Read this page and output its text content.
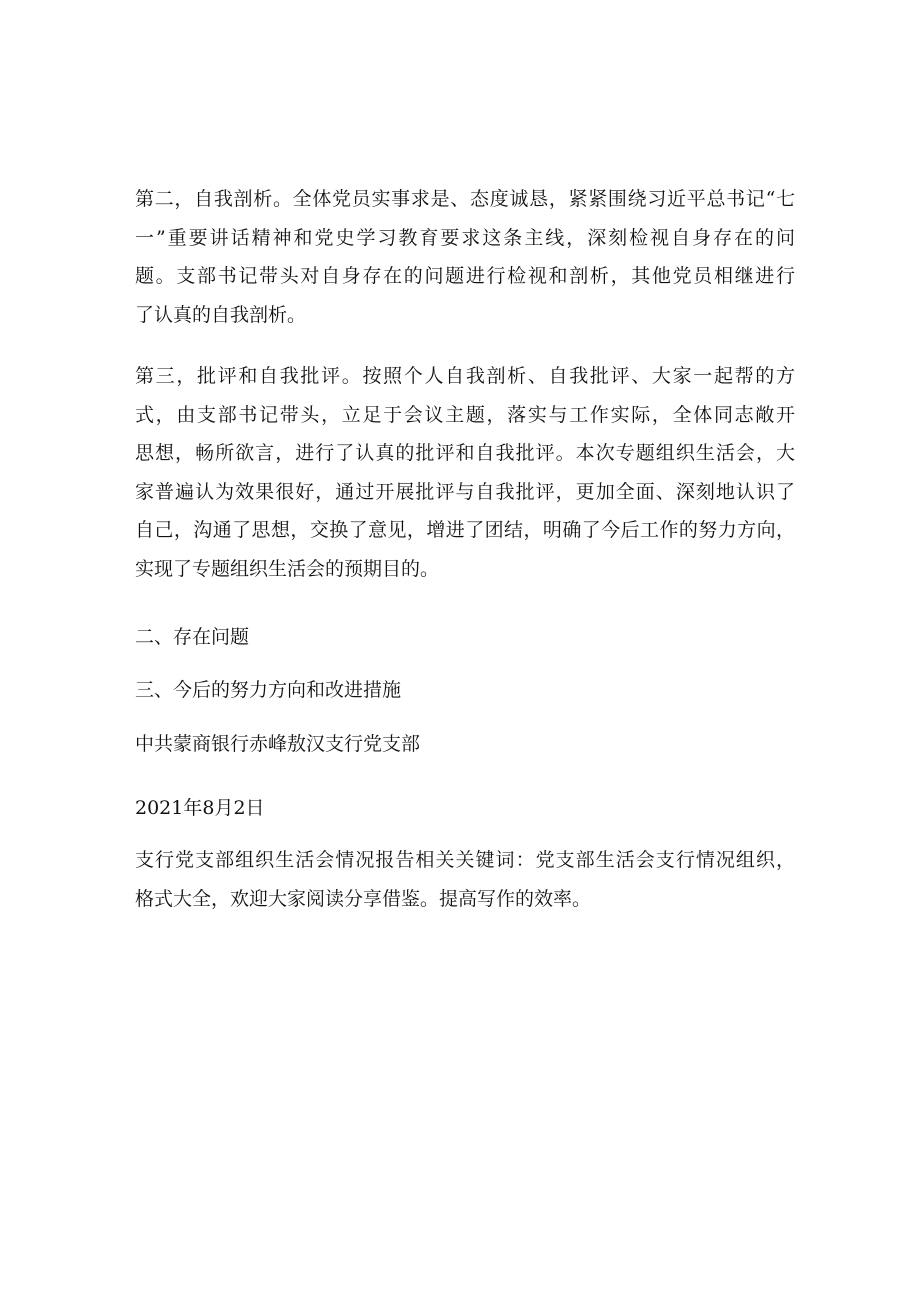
第二，自我剖析。全体党员实事求是、态度诚恳，紧紧围绕习近平总书记“七
一”重要讲话精神和党史学习教育要求这条主线，深刻检视自身存在的问
题。支部书记带头对自身存在的问题进行检视和剖析，其他党员相继进行
了认真的自我剖析。
第三，批评和自我批评。按照个人自我剖析、自我批评、大家一起帮的方
式，由支部书记带头，立足于会议主题，落实与工作实际，全体同志敞开
思想，畅所欲言，进行了认真的批评和自我批评。本次专题组织生活会，大
家普遍认为效果很好，通过开展批评与自我批评，更加全面、深刻地认识了
自己，沟通了思想，交换了意见，增进了团结，明确了今后工作的努力方向，
实现了专题组织生活会的预期目的。

二、存在问题

三、今后的努力方向和改进措施

中共蒙商银行赤峰敖汉支行党支部

2021年8月2日

支行党支部组织生活会情况报告相关关键词：党支部生活会支行情况组织，
格式大全，欢迎大家阅读分享借鉴。提高写作的效率。
